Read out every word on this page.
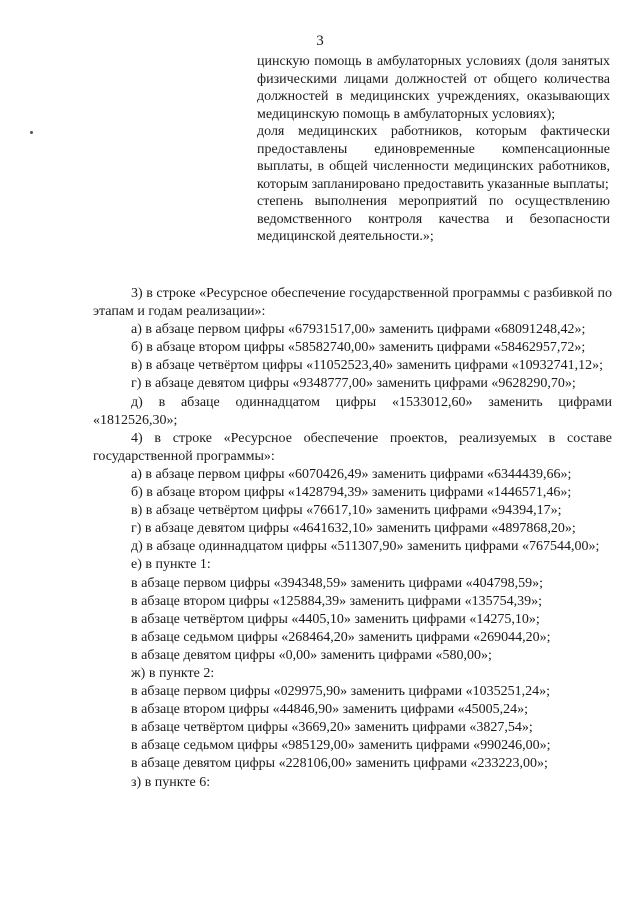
3

цинскую помощь в амбулаторных условиях (доля занятых физическими лицами должностей от общего количества должностей в медицинских учреждениях, оказывающих медицинскую помощь в амбулаторных условиях);

доля медицинских работников, которым фактически предоставлены единовременные компенсационные выплаты, в общей численности медицинских работников, которым запланировано предоставить указанные выплаты;

степень выполнения мероприятий по осуществлению ведомственного контроля качества и безопасности медицинской деятельности.»;

3) в строке «Ресурсное обеспечение государственной программы с разбивкой по этапам и годам реализации»:

а) в абзаце первом цифры «67931517,00» заменить цифрами «68091248,42»;

б) в абзаце втором цифры «58582740,00» заменить цифрами «58462957,72»;

в) в абзаце четвёртом цифры «11052523,40» заменить цифрами «10932741,12»;

г) в абзаце девятом цифры «9348777,00» заменить цифрами «9628290,70»;

д) в абзаце одиннадцатом цифры «1533012,60» заменить цифрами «1812526,30»;

4) в строке «Ресурсное обеспечение проектов, реализуемых в составе государственной программы»:

а) в абзаце первом цифры «6070426,49» заменить цифрами «6344439,66»;

б) в абзаце втором цифры «1428794,39» заменить цифрами «1446571,46»;

в) в абзаце четвёртом цифры «76617,10» заменить цифрами «94394,17»;

г) в абзаце девятом цифры «4641632,10» заменить цифрами «4897868,20»;

д) в абзаце одиннадцатом цифры «511307,90» заменить цифрами «767544,00»;

е) в пункте 1:

в абзаце первом цифры «394348,59» заменить цифрами «404798,59»;

в абзаце втором цифры «125884,39» заменить цифрами «135754,39»;

в абзаце четвёртом цифры «4405,10» заменить цифрами «14275,10»;

в абзаце седьмом цифры «268464,20» заменить цифрами «269044,20»;

в абзаце девятом цифры «0,00» заменить цифрами «580,00»;

ж) в пункте 2:

в абзаце первом цифры «029975,90» заменить цифрами «1035251,24»;

в абзаце втором цифры «44846,90» заменить цифрами «45005,24»;

в абзаце четвёртом цифры «3669,20» заменить цифрами «3827,54»;

в абзаце седьмом цифры «985129,00» заменить цифрами «990246,00»;

в абзаце девятом цифры «228106,00» заменить цифрами «233223,00»;

з) в пункте 6:
